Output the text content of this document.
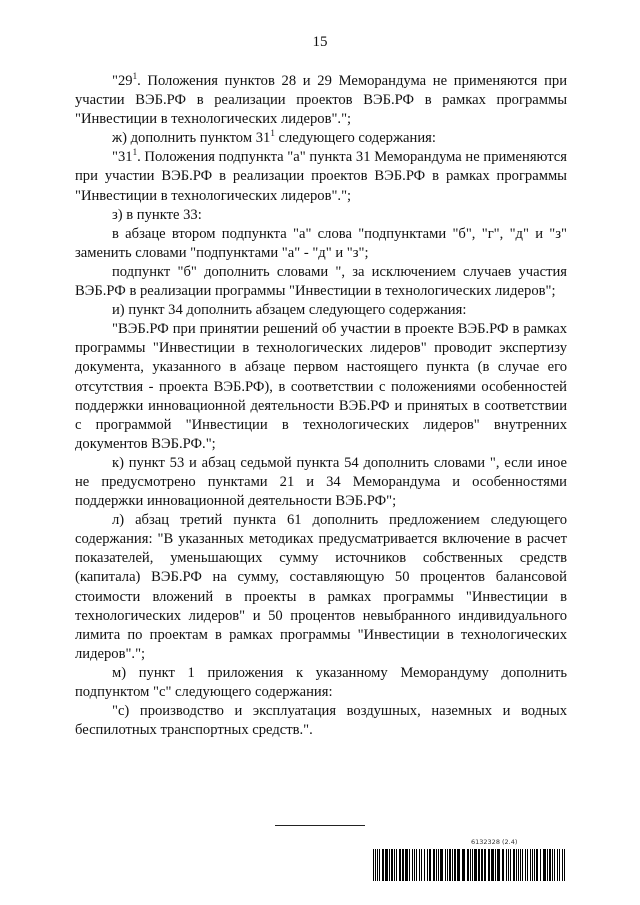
15

"$29^1$. Положения пунктов 28 и 29 Меморандума не применяются при участии ВЭБ.РФ в реализации проектов ВЭБ.РФ в рамках программы "Инвестиции в технологических лидеров".";

ж) дополнить пунктом $31^1$ следующего содержания:

"$31^1$. Положения подпункта "а" пункта 31 Меморандума не применяются при участии ВЭБ.РФ в реализации проектов ВЭБ.РФ в рамках программы "Инвестиции в технологических лидеров".";

з) в пункте 33:

в абзаце втором подпункта "а" слова "подпунктами "б", "г", "д" и "з" заменить словами "подпунктами "а" - "д" и "з";

подпункт "б" дополнить словами ", за исключением случаев участия ВЭБ.РФ в реализации программы "Инвестиции в технологических лидеров";

и) пункт 34 дополнить абзацем следующего содержания:

"ВЭБ.РФ при принятии решений об участии в проекте ВЭБ.РФ в рамках программы "Инвестиции в технологических лидеров" проводит экспертизу документа, указанного в абзаце первом настоящего пункта (в случае его отсутствия - проекта ВЭБ.РФ), в соответствии с положениями особенностей поддержки инновационной деятельности ВЭБ.РФ и принятых в соответствии с программой "Инвестиции в технологических лидеров" внутренних документов ВЭБ.РФ.";

к) пункт 53 и абзац седьмой пункта 54 дополнить словами ", если иное не предусмотрено пунктами 21 и 34 Меморандума и особенностями поддержки инновационной деятельности ВЭБ.РФ";

л) абзац третий пункта 61 дополнить предложением следующего содержания: "В указанных методиках предусматривается включение в расчет показателей, уменьшающих сумму источников собственных средств (капитала) ВЭБ.РФ на сумму, составляющую 50 процентов балансовой стоимости вложений в проекты в рамках программы "Инвестиции в технологических лидеров" и 50 процентов невыбранного индивидуального лимита по проектам в рамках программы "Инвестиции в технологических лидеров".";

м) пункт 1 приложения к указанному Меморандуму дополнить подпунктом "с" следующего содержания:

"с) производство и эксплуатация воздушных, наземных и водных беспилотных транспортных средств.".

6132328 (2.4)
